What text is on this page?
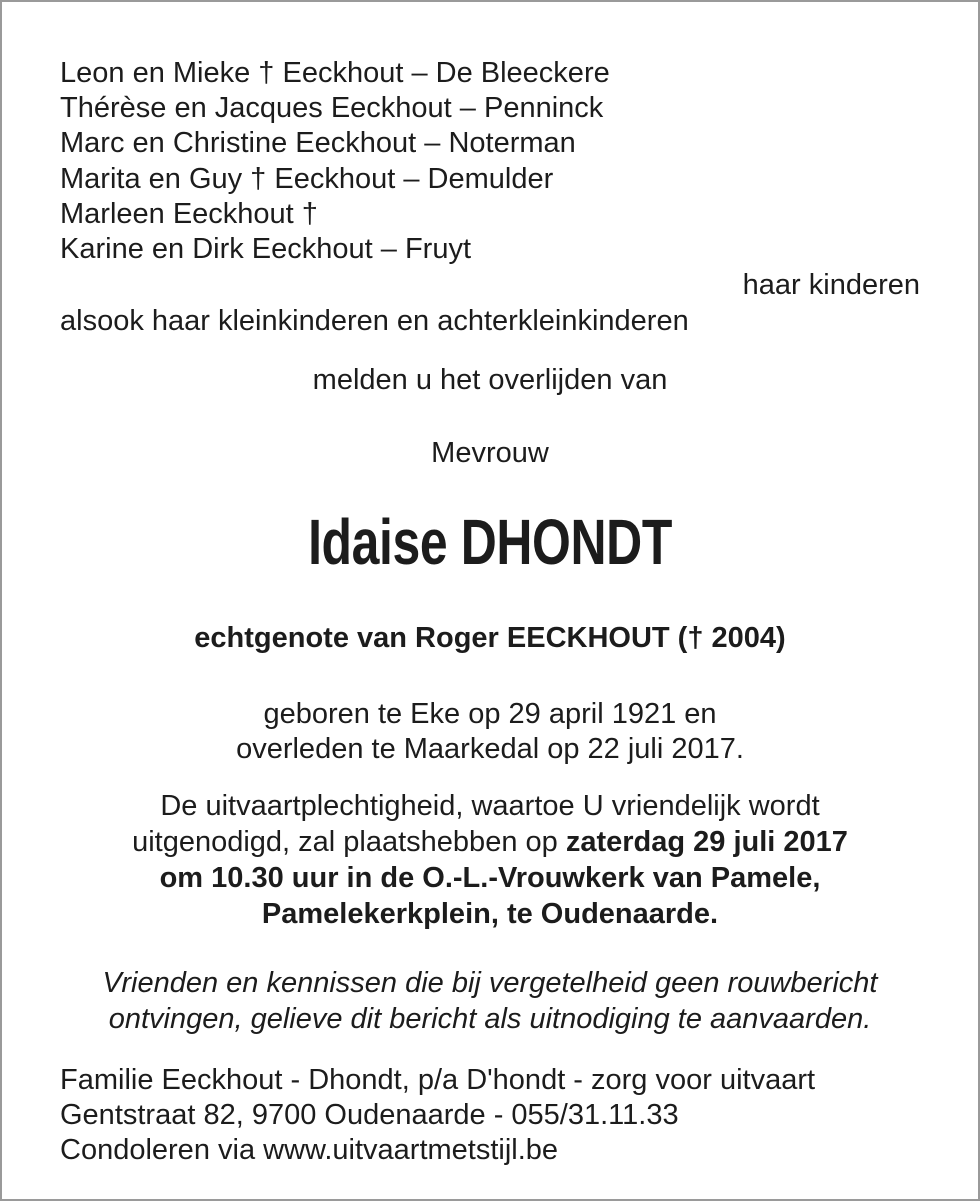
Leon en Mieke † Eeckhout – De Bleeckere

Thérèse en Jacques Eeckhout – Penninck

Marc en Christine Eeckhout – Noterman

Marita en Guy † Eeckhout – Demulder

Marleen Eeckhout †

Karine en Dirk Eeckhout – Fruyt

haar kinderen

alsook haar kleinkinderen en achterkleinkinderen

melden u het overlijden van

Mevrouw

Idaise DHONDT

echtgenote van Roger EECKHOUT († 2004)

geboren te Eke op 29 april 1921 en

overleden te Maarkedal op 22 juli 2017.

De uitvaartplechtigheid, waartoe U vriendelijk wordt

uitgenodigd, zal plaatshebben op zaterdag 29 juli 2017

om 10.30 uur in de O.-L.-Vrouwkerk van Pamele,

Pamelekerkplein, te Oudenaarde.

Vrienden en kennissen die bij vergetelheid geen rouwbericht

ontvingen, gelieve dit bericht als uitnodiging te aanvaarden.

Familie Eeckhout - Dhondt, p/a D'hondt - zorg voor uitvaart

Gentstraat 82, 9700 Oudenaarde - 055/31.11.33

Condoleren via www.uitvaartmetstijl.be
